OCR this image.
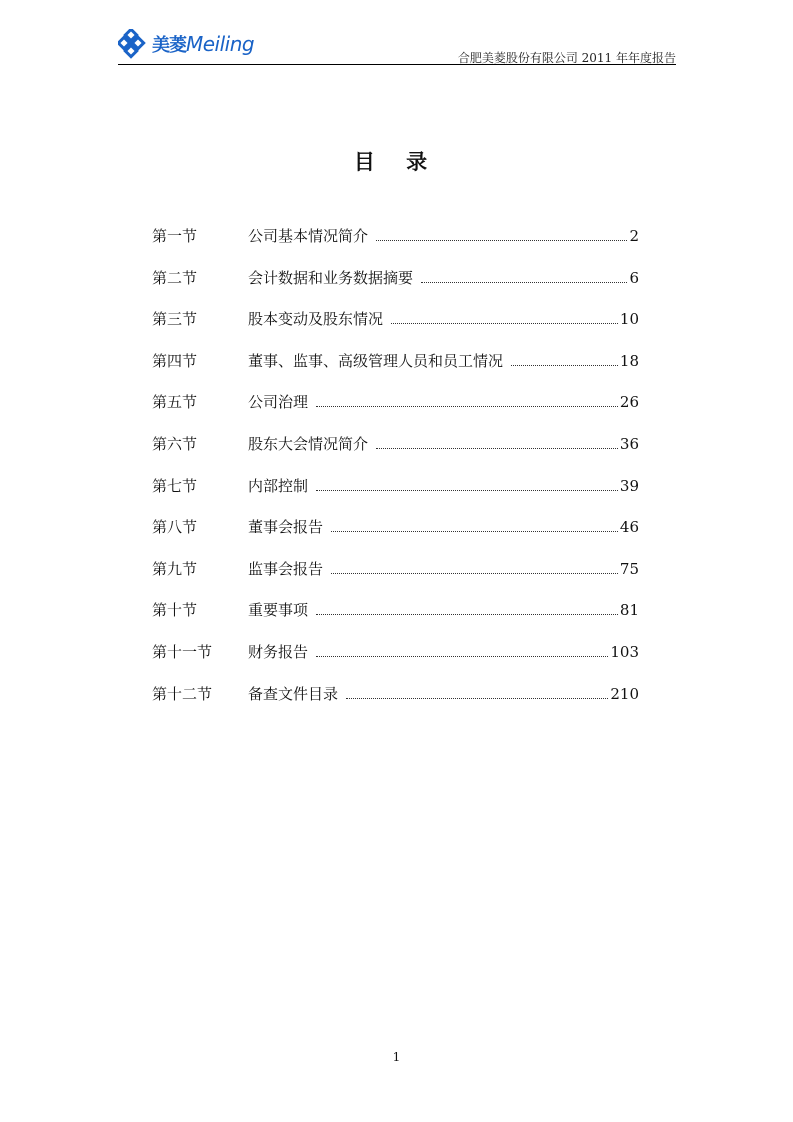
美菱 Meiling
合肥美菱股份有限公司 2011 年年度报告
目 录
第一节	公司基本情况简介	2
第二节	会计数据和业务数据摘要	6
第三节	股本变动及股东情况	10
第四节	董事、监事、高级管理人员和员工情况	18
第五节	公司治理	26
第六节	股东大会情况简介	36
第七节	内部控制	39
第八节	董事会报告	46
第九节	监事会报告	75
第十节	重要事项	81
第十一节	财务报告	103
第十二节	备查文件目录	210
1
